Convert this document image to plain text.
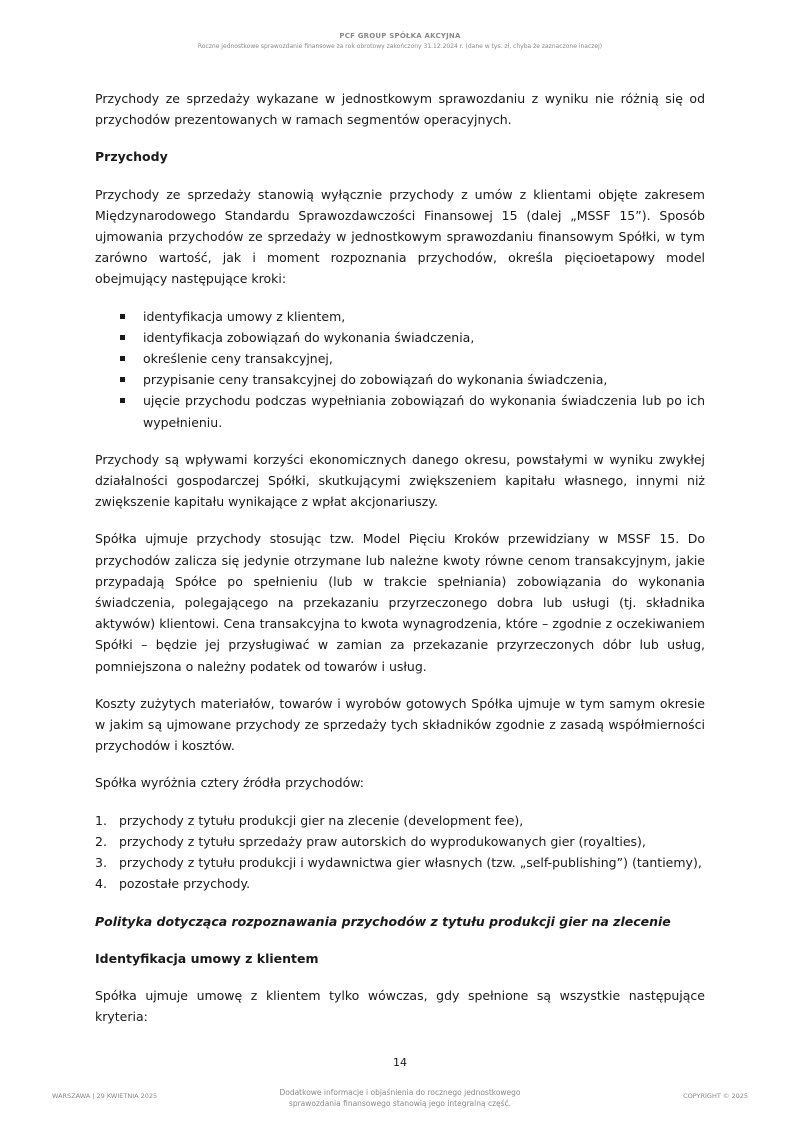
PCF GROUP SPÓŁKA AKCYJNA
Roczne jednostkowe sprawozdanie finansowe za rok obrotowy zakończony 31.12.2024 r. (dane w tys. zł, chyba że zaznaczone inaczej)

Przychody ze sprzedaży wykazane w jednostkowym sprawozdaniu z wyniku nie różnią się od przychodów prezentowanych w ramach segmentów operacyjnych.

Przychody

Przychody ze sprzedaży stanowią wyłącznie przychody z umów z klientami objęte zakresem Międzynarodowego Standardu Sprawozdawczości Finansowej 15 (dalej „MSSF 15”). Sposób ujmowania przychodów ze sprzedaży w jednostkowym sprawozdaniu finansowym Spółki, w tym zarówno wartość, jak i moment rozpoznania przychodów, określa pięcioetapowy model obejmujący następujące kroki:

identyfikacja umowy z klientem,
identyfikacja zobowiązań do wykonania świadczenia,
określenie ceny transakcyjnej,
przypisanie ceny transakcyjnej do zobowiązań do wykonania świadczenia,
ujęcie przychodu podczas wypełniania zobowiązań do wykonania świadczenia lub po ich wypełnieniu.

Przychody są wpływami korzyści ekonomicznych danego okresu, powstałymi w wyniku zwykłej działalności gospodarczej Spółki, skutkującymi zwiększeniem kapitału własnego, innymi niż zwiększenie kapitału wynikające z wpłat akcjonariuszy.

Spółka ujmuje przychody stosując tzw. Model Pięciu Kroków przewidziany w MSSF 15. Do przychodów zalicza się jedynie otrzymane lub należne kwoty równe cenom transakcyjnym, jakie przypadają Spółce po spełnieniu (lub w trakcie spełniania) zobowiązania do wykonania świadczenia, polegającego na przekazaniu przyrzeczonego dobra lub usługi (tj. składnika aktywów) klientowi. Cena transakcyjna to kwota wynagrodzenia, które – zgodnie z oczekiwaniem Spółki – będzie jej przysługiwać w zamian za przekazanie przyrzeczonych dóbr lub usług, pomniejszona o należny podatek od towarów i usług.

Koszty zużytych materiałów, towarów i wyrobów gotowych Spółka ujmuje w tym samym okresie w jakim są ujmowane przychody ze sprzedaży tych składników zgodnie z zasadą współmierności przychodów i kosztów.

Spółka wyróżnia cztery źródła przychodów:

1. przychody z tytułu produkcji gier na zlecenie (development fee),
2. przychody z tytułu sprzedaży praw autorskich do wyprodukowanych gier (royalties),
3. przychody z tytułu produkcji i wydawnictwa gier własnych (tzw. „self-publishing”) (tantiemy),
4. pozostałe przychody.
Polityka dotycząca rozpoznawania przychodów z tytułu produkcji gier na zlecenie
Identyfikacja umowy z klientem

Spółka ujmuje umowę z klientem tylko wówczas, gdy spełnione są wszystkie następujące kryteria:

14
WARSZAWA | 29 KWIETNIA 2025	Dodatkowe informacje i objaśnienia do rocznego jednostkowego
sprawozdania finansowego stanowią jego integralną część.
COPYRIGHT © 2025
